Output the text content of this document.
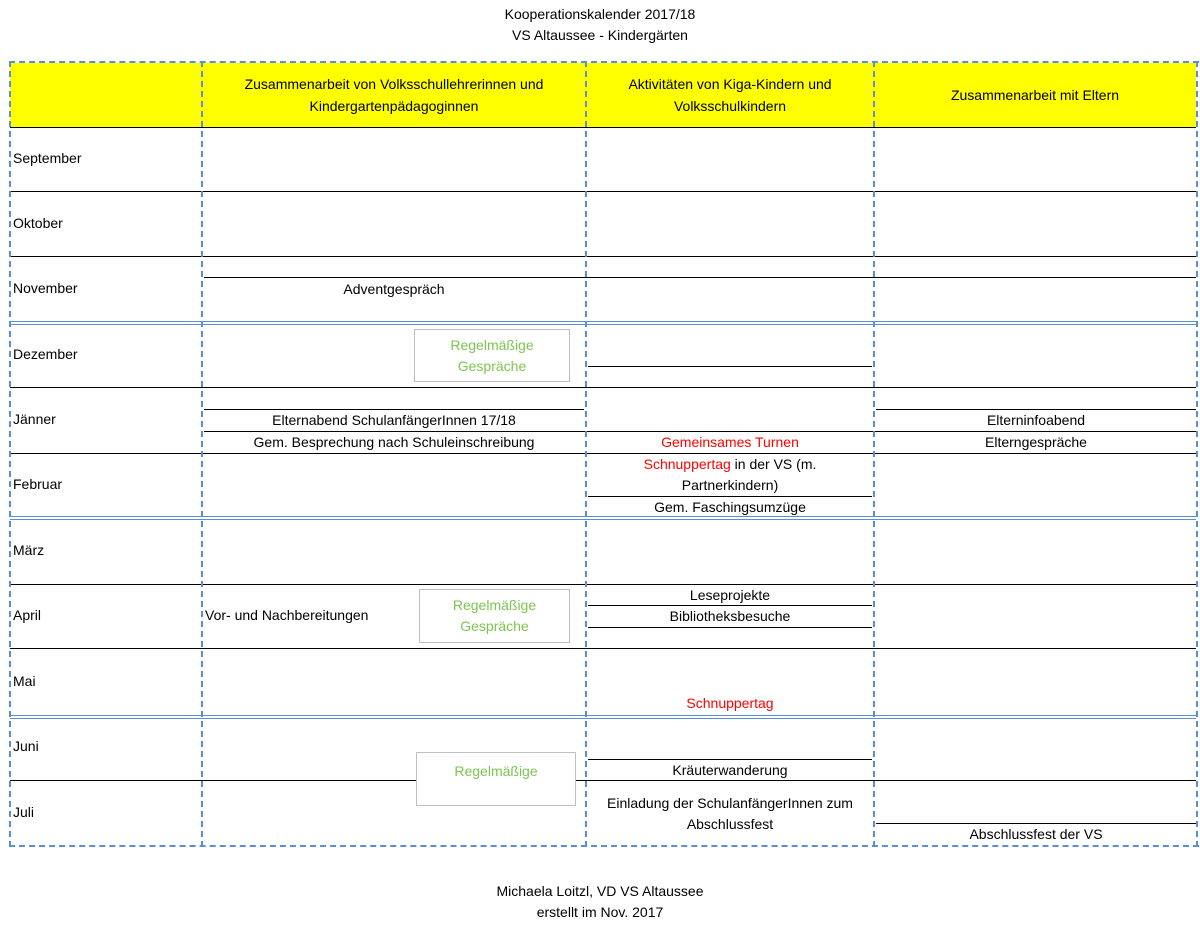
Kooperationskalender 2017/18
VS Altaussee - Kindergärten
Zusammenarbeit von Volksschullehrerinnen und Kindergartenpädagoginnen
Aktivitäten von Kiga-Kindern und Volksschulkindern
Zusammenarbeit mit Eltern
September
Oktober
November
Dezember
Jänner
Februar
März
April
Mai
Juni
Juli
Adventgespräch
Elternabend SchulanfängerInnen 17/18
Gem. Besprechung nach Schuleinschreibung	Gemeinsames Turnen
Elterninfoabend
Elterngespräche
Schnuppertag in der VS (m.
Partnerkindern)
Gem. Faschingsumzüge
Vor- und Nachbereitungen
Leseprojekte
Bibliotheksbesuche
Schnuppertag
Kräuterwanderung
Einladung der SchulanfängerInnen zum
Abschlussfest
Abschlussfest der VS
Regelmäßige
Gespräche
Regelmäßige
Gespräche
Regelmäßige
Michaela Loitzl, VD VS Altaussee
erstellt im Nov. 2017
